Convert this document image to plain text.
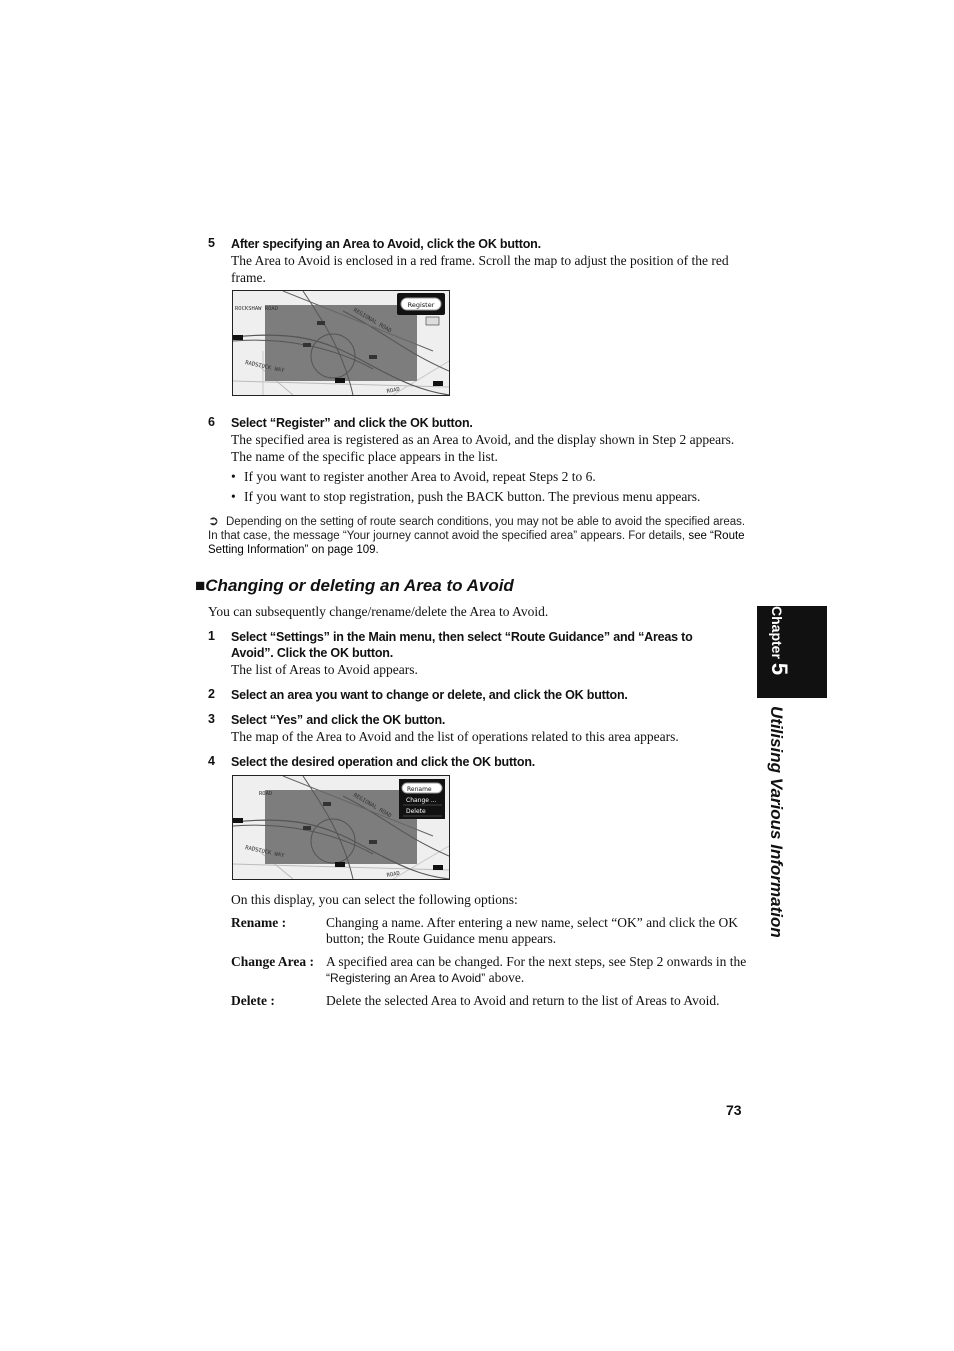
5 After specifying an Area to Avoid, click the OK button.
The Area to Avoid is enclosed in a red frame. Scroll the map to adjust the position of the red frame.
ROCKSHAW ROAD
RADSTOCK WAY
REGIONAL ROAD
ROAD
Register
6 Select “Register” and click the OK button.
The specified area is registered as an Area to Avoid, and the display shown in Step 2 appears. The name of the specific place appears in the list.
• If you want to register another Area to Avoid, repeat Steps 2 to 6.
• If you want to stop registration, push the BACK button. The previous menu appears.
➲ Depending on the setting of route search conditions, you may not be able to avoid the specified areas. In that case, the message “Your journey cannot avoid the specified area” appears. For details, see “Route Setting Information” on page 109.
■Changing or deleting an Area to Avoid
You can subsequently change/rename/delete the Area to Avoid.
1 Select “Settings” in the Main menu, then select “Route Guidance” and “Areas to Avoid”. Click the OK button.
The list of Areas to Avoid appears.
2 Select an area you want to change or delete, and click the OK button.
3 Select “Yes” and click the OK button.
The map of the Area to Avoid and the list of operations related to this area appears.
4 Select the desired operation and click the OK button.
ROAD
RADSTOCK WAY
REGIONAL ROAD
ROAD
Rename
Change ...
Delete
On this display, you can select the following options:
Rename :	Changing a name. After entering a new name, select “OK” and click the OK button; the Route Guidance menu appears.
Change Area : A specified area can be changed. For the next steps, see Step 2 onwards in the “Registering an Area to Avoid” above.
Delete :	Delete the selected Area to Avoid and return to the list of Areas to Avoid.
Chapter5
Utilising Various Information
73
